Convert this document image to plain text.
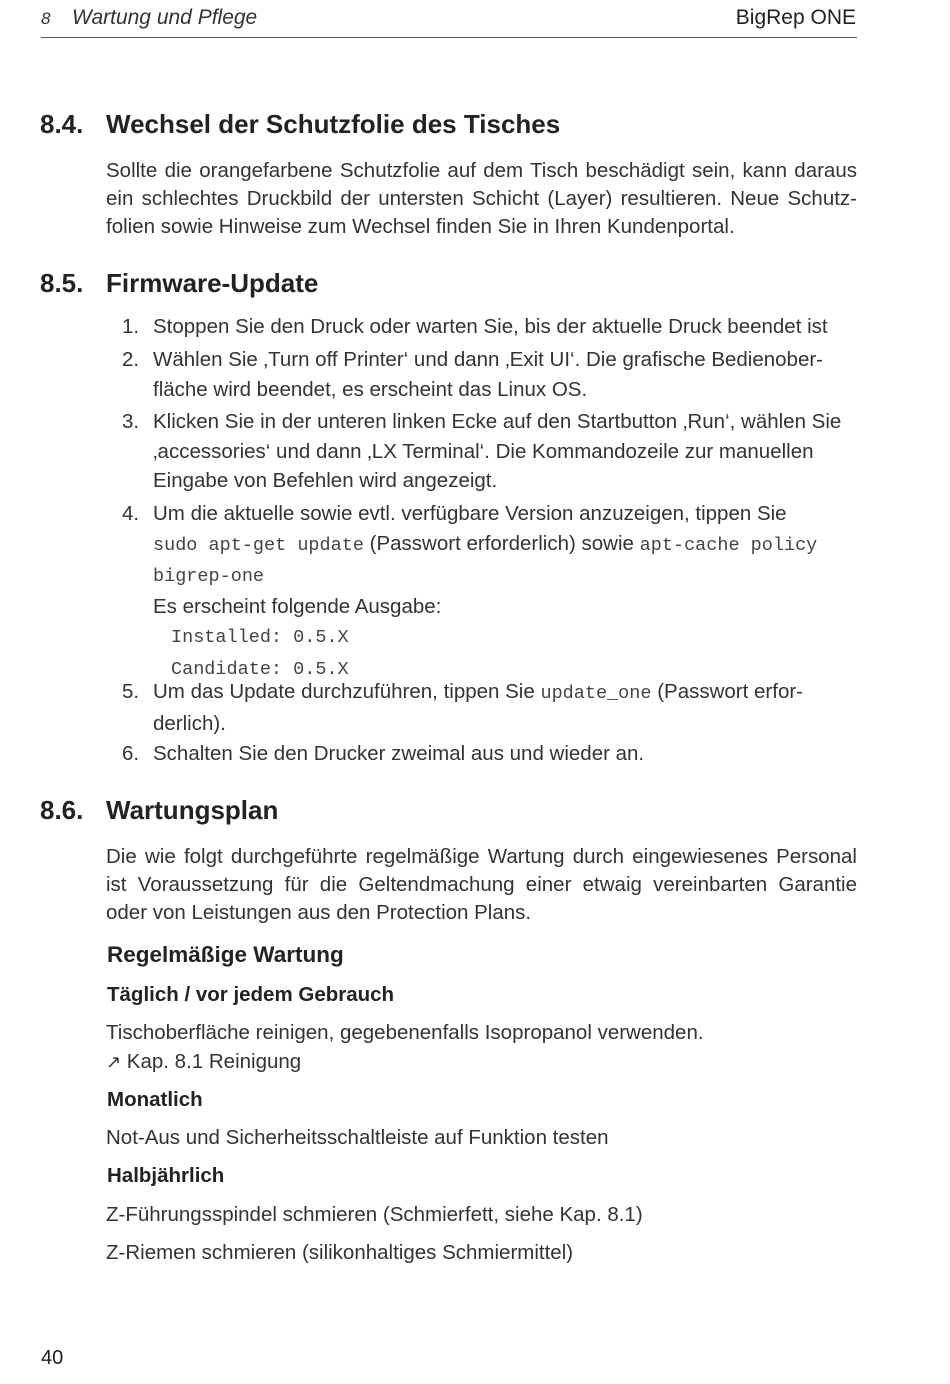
8 Wartung und Pflege	BigRep ONE
8.4. Wechsel der Schutzfolie des Tisches
Sollte die orangefarbene Schutzfolie auf dem Tisch beschädigt sein, kann daraus
ein schlechtes Druckbild der untersten Schicht (Layer) resultieren. Neue Schutz-
folien sowie Hinweise zum Wechsel finden Sie in Ihren Kundenportal.
8.5. Firmware-Update
1. Stoppen Sie den Druck oder warten Sie, bis der aktuelle Druck beendet ist
2. Wählen Sie ‚Turn off Printer‘ und dann ‚Exit UI‘. Die grafische Bedienober-
fläche wird beendet, es erscheint das Linux OS.
3. Klicken Sie in der unteren linken Ecke auf den Startbutton ‚Run‘, wählen Sie
‚accessories‘ und dann ‚LX Terminal‘. Die Kommandozeile zur manuellen
Eingabe von Befehlen wird angezeigt.
4. Um die aktuelle sowie evtl. verfügbare Version anzuzeigen, tippen Sie
sudo apt-get update (Passwort erforderlich) sowie apt-cache policy
bigrep-one
Es erscheint folgende Ausgabe:
Installed: 0.5.X
Candidate: 0.5.X
5. Um das Update durchzuführen, tippen Sie update_one (Passwort erfor-
derlich).
6. Schalten Sie den Drucker zweimal aus und wieder an.
8.6. Wartungsplan
Die wie folgt durchgeführte regelmäßige Wartung durch eingewiesenes Personal
ist Voraussetzung für die Geltendmachung einer etwaig vereinbarten Garantie
oder von Leistungen aus den Protection Plans.
Regelmäßige Wartung
Täglich / vor jedem Gebrauch
Tischoberfläche reinigen, gegebenenfalls Isopropanol verwenden.
↗ Kap. 8.1 Reinigung
Monatlich
Not-Aus und Sicherheitsschaltleiste auf Funktion testen
Halbjährlich
Z-Führungsspindel schmieren (Schmierfett, siehe Kap. 8.1)
Z-Riemen schmieren (silikonhaltiges Schmiermittel)
40
